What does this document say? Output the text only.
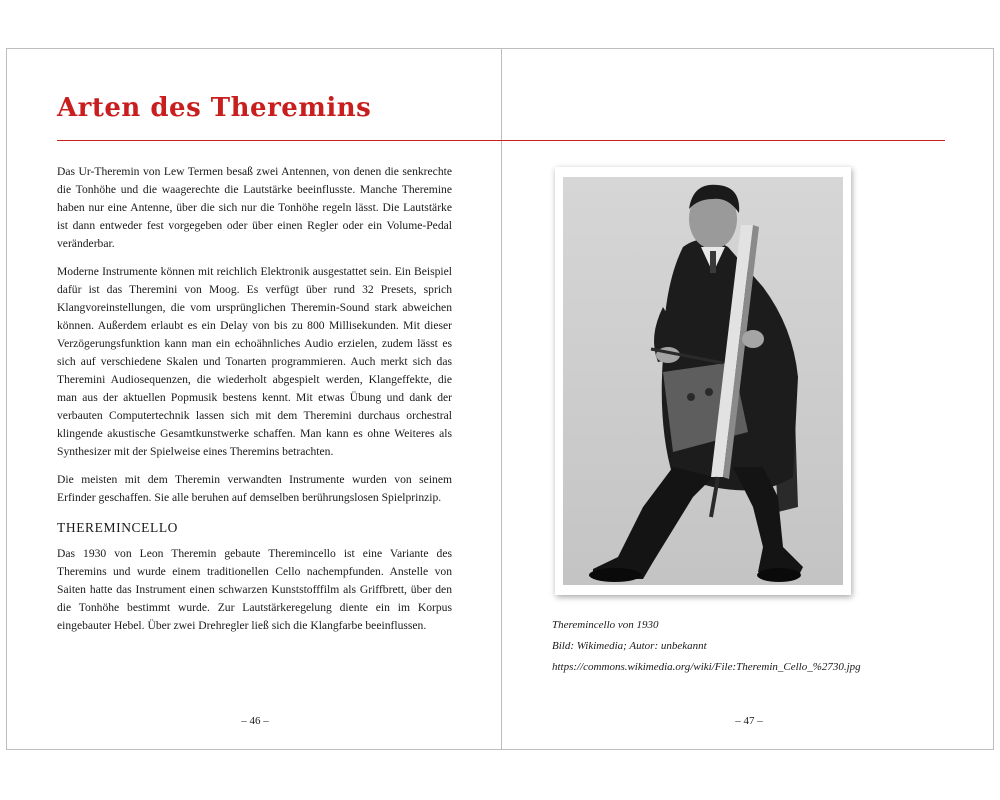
Arten des Theremins

Das Ur-Theremin von Lew Termen besaß zwei Antennen, von denen die senkrechte die Tonhöhe und die waagerechte die Lautstärke beeinflusste. Manche Theremine haben nur eine Antenne, über die sich nur die Tonhöhe regeln lässt. Die Lautstärke ist dann entweder fest vorgegeben oder über einen Regler oder ein Volume-Pedal veränderbar.

Moderne Instrumente können mit reichlich Elektronik ausgestattet sein. Ein Beispiel dafür ist das Theremini von Moog. Es verfügt über rund 32 Presets, sprich Klangvoreinstellungen, die vom ursprünglichen Theremin-Sound stark abweichen können. Außerdem erlaubt es ein Delay von bis zu 800 Millisekunden. Mit dieser Verzögerungsfunktion kann man ein echoähnliches Audio erzielen, zudem lässt es sich auf verschiedene Skalen und Tonarten programmieren. Auch merkt sich das Theremini Audiosequenzen, die wiederholt abgespielt werden, Klangeffekte, die man aus der aktuellen Popmusik bestens kennt. Mit etwas Übung und dank der verbauten Computertechnik lassen sich mit dem Theremini durchaus orchestral klingende akustische Gesamtkunstwerke schaffen. Man kann es ohne Weiteres als Synthesizer mit der Spielweise eines Theremins betrachten.

Die meisten mit dem Theremin verwandten Instrumente wurden von seinem Erfinder geschaffen. Sie alle beruhen auf demselben berührungslosen Spielprinzip.

THEREMINCELLO

Das 1930 von Leon Theremin gebaute Theremincello ist eine Variante des Theremins und wurde einem traditionellen Cello nachempfunden. Anstelle von Saiten hatte das Instrument einen schwarzen Kunststofffilm als Griffbrett, über den die Tonhöhe bestimmt wurde. Zur Lautstärkeregelung diente ein im Korpus eingebauter Hebel. Über zwei Drehregler ließ sich die Klangfarbe beeinflussen.

– 46 –
Theremincello von 1930
Bild: Wikimedia; Autor: unbekannt
https://commons.wikimedia.org/wiki/File:Theremin_Cello_%2730.jpg
– 47 –
